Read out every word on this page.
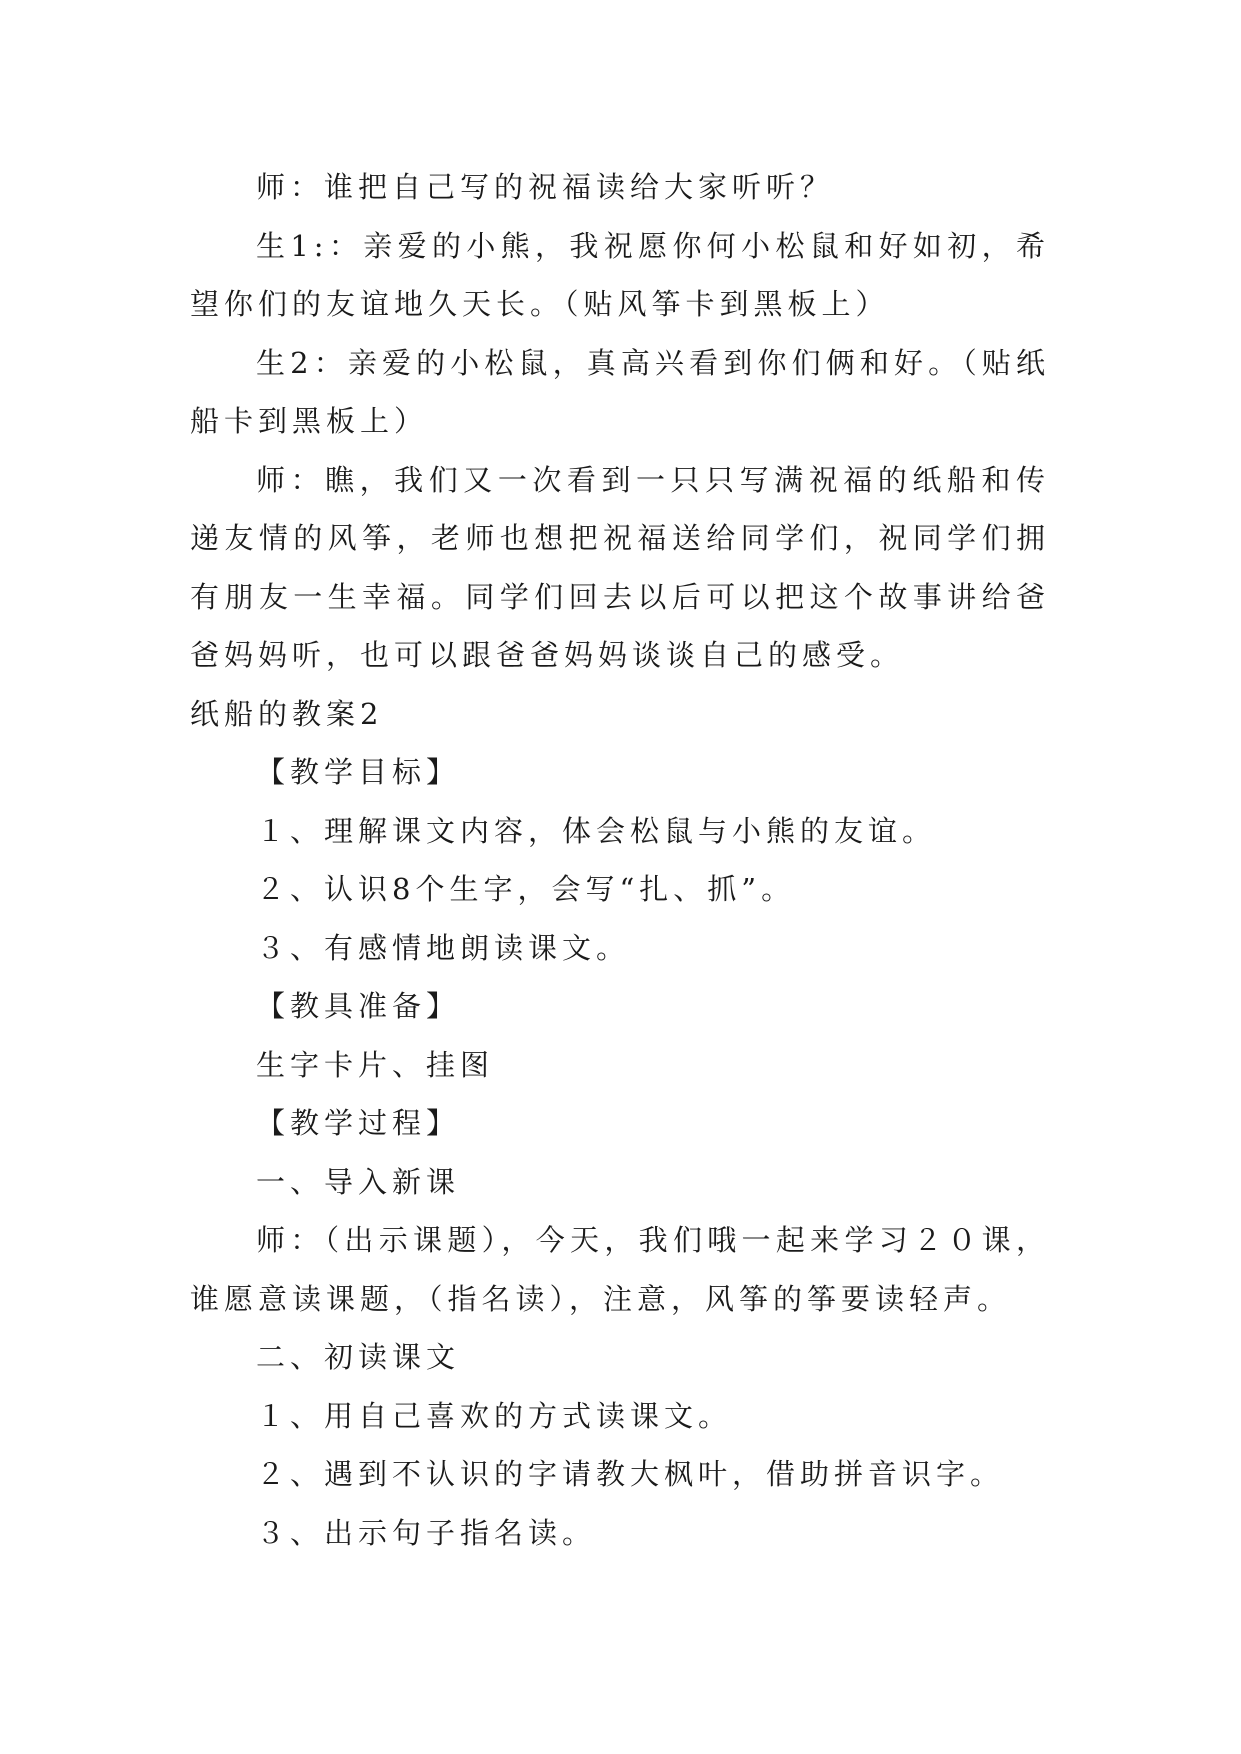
师：谁把自己写的祝福读给大家听听？

生1:：亲爱的小熊，我祝愿你何小松鼠和好如初，希望你们的友谊地久天长。（贴风筝卡到黑板上）

生2：亲爱的小松鼠，真高兴看到你们俩和好。（贴纸船卡到黑板上）

师：瞧，我们又一次看到一只只写满祝福的纸船和传递友情的风筝，老师也想把祝福送给同学们，祝同学们拥有朋友一生幸福。同学们回去以后可以把这个故事讲给爸爸妈妈听，也可以跟爸爸妈妈谈谈自己的感受。

纸船的教案2

【教学目标】

１、理解课文内容，体会松鼠与小熊的友谊。

２、认识8个生字，会写“扎、抓”。

３、有感情地朗读课文。

【教具准备】

生字卡片、挂图

【教学过程】

一、导入新课

师：（出示课题），今天，我们哦一起来学习２０课，谁愿意读课题，（指名读），注意，风筝的筝要读轻声。

二、初读课文

１、用自己喜欢的方式读课文。

２、遇到不认识的字请教大枫叶，借助拼音识字。

３、出示句子指名读。
